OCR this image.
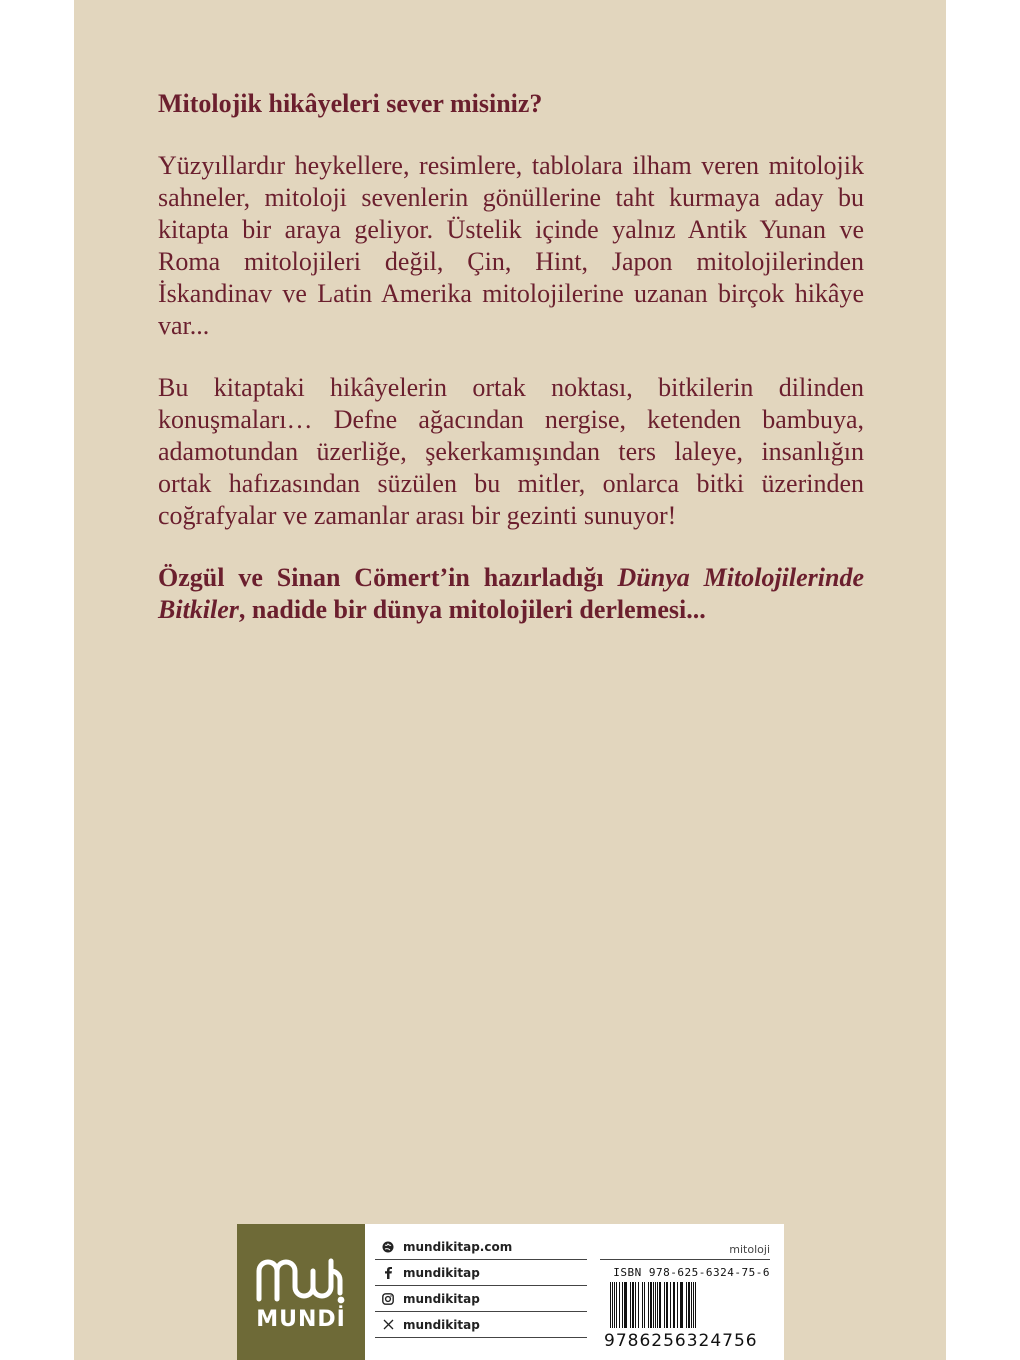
Mitolojik hikâyeleri sever misiniz?

Yüzyıllardır heykellere, resimlere, tablolara ilham veren mitolojik sahneler, mitoloji sevenlerin gönüllerine taht kurmaya aday bu kitapta bir araya geliyor. Üstelik içinde yalnız Antik Yunan ve Roma mitolojileri değil, Çin, Hint, Japon mitolojilerinden İskandinav ve Latin Amerika mitolojilerine uzanan birçok hikâye var...

Bu kitaptaki hikâyelerin ortak noktası, bitkilerin dilinden konuşmaları… Defne ağacından nergise, ketenden bambuya, adamotundan üzerliğe, şekerkamışından ters laleye, insanlığın ortak hafızasından süzülen bu mitler, onlarca bitki üzerinden coğrafyalar ve zamanlar arası bir gezinti sunuyor!

Özgül ve Sinan Cömert’in hazırladığı Dünya Mitolojilerinde Bitkiler, nadide bir dünya mitolojileri derlemesi...

MUNDİ
mundikitap.com
mundikitap
mundikitap
mundikitap
mitoloji
ISBN 978-625-6324-75-6
9786256324756
